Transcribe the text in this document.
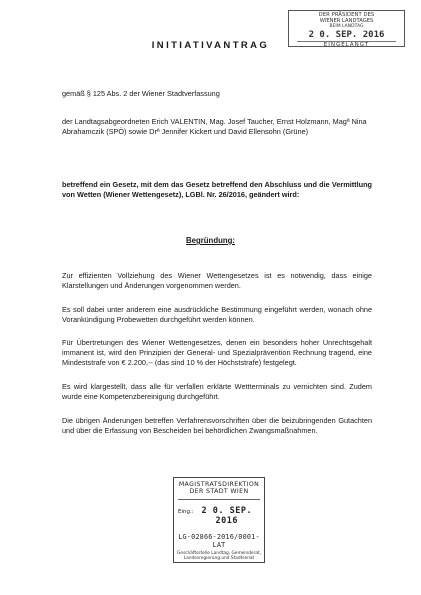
DER PRÄSIDENT DES
WIENER LANDTAGES
BEIM LANDTAG
2 0. SEP. 2016
EINGELANGT
INITIATIVANTRAG
gemäß § 125 Abs. 2 der Wiener Stadtverfassung
der Landtagsabgeordneten Erich VALENTIN, Mag. Josef Taucher, Ernst Holzmann, Magª Nina Abrahamczik (SPÖ) sowie Drª Jennifer Kickert und David Ellensohn (Grüne)
betreffend ein Gesetz, mit dem das Gesetz betreffend den Abschluss und die Vermittlung von Wetten (Wiener Wettengesetz), LGBl. Nr. 26/2016, geändert wird:
Begründung:
Zur effizienten Vollziehung des Wiener Wettengesetzes ist es notwendig, dass einige Klarstellungen und Änderungen vorgenommen werden.
Es soll dabei unter anderem eine ausdrückliche Bestimmung eingeführt werden, wonach ohne Vorankündigung Probewetten durchgeführt werden können.
Für Übertretungen des Wiener Wettengesetzes, denen ein besonders hoher Unrechtsgehalt immanent ist, wird den Prinzipien der General- und Spezialprävention Rechnung tragend, eine Mindeststrafe von € 2.200,-- (das sind 10 % der Höchststrafe) festgelegt.
Es wird klargestellt, dass alle für verfallen erklärte Wettterminals zu vernichten sind. Zudem wurde eine Kompetenzbereinigung durchgeführt.
Die übrigen Änderungen betreffen Verfahrensvorschriften über die beizubringenden Gutachten und über die Erfassung von Bescheiden bei behördlichen Zwangsmaßnahmen.
MAGISTRATSDIREKTION
DER STADT WIEN
Eing.: 2 0. SEP. 2016
LG-02866-2016/0001-LAT
Geschäftsstelle Landtag, Gemeinderat,
Landesregierung und Stadtsenat
